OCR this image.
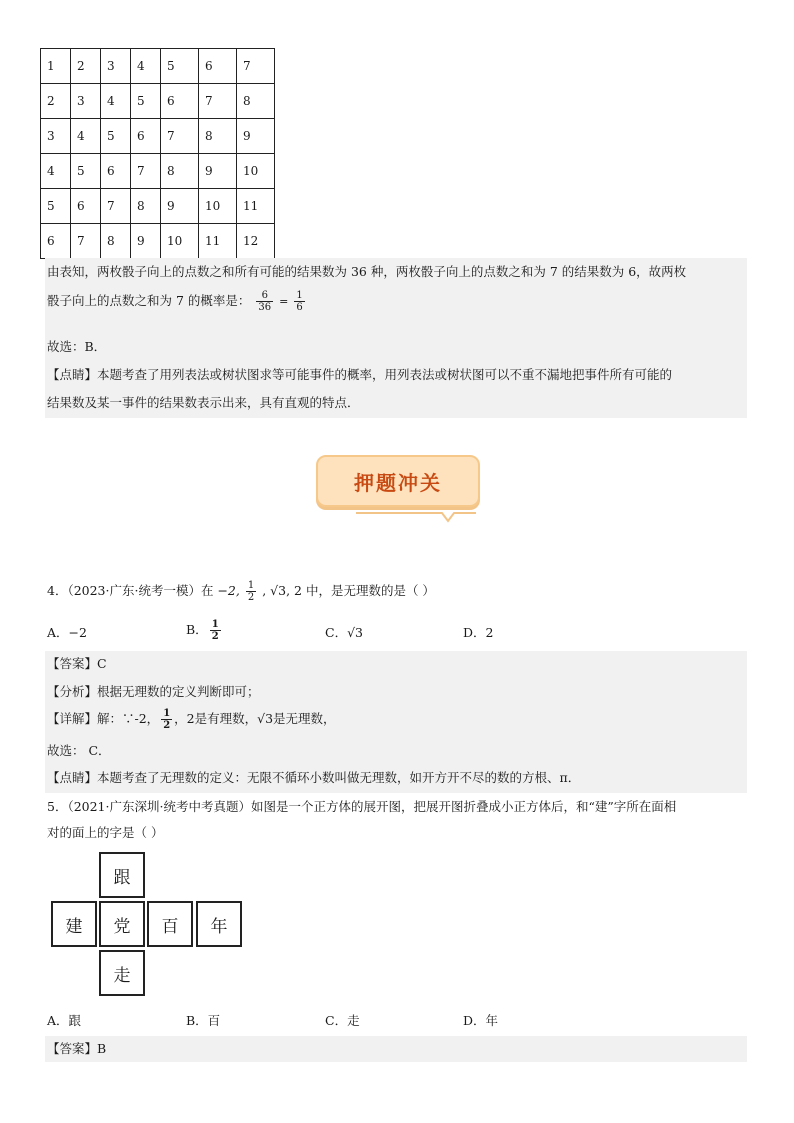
1	2	3	4	5	6	7
2	3	4	5	6	7	8
3	4	5	6	7	8	9
4	5	6	7	8	9	10
5	6	7	8	9	10	11
6	7	8	9	10	11	12
由表知，两枚骰子向上的点数之和所有可能的结果数为 36 种，两枚骰子向上的点数之和为 7 的结果数为 6，故两枚
骰子向上的点数之和为 7 的概率是： $\frac{6}{36} = \frac{1}{6}$
故选：B．
【点睛】本题考查了用列表法或树状图求等可能事件的概率，用列表法或树状图可以不重不漏地把事件所有可能的
结果数及某一事件的结果数表示出来，具有直观的特点．
押题冲关
4．（2023·广东·统考一模）在 −2, $\frac{1}{2}$ , √3, 2 中，是无理数的是（ ）
A．−2	B． $\frac{1}{2}$	C．√3	D．2
【答案】C
【分析】根据无理数的定义判断即可；
【详解】解：∵-2， $\frac{1}{2}$ ，2是有理数，√3是无理数，
故选： C．
【点睛】本题考查了无理数的定义：无限不循环小数叫做无理数，如开方开不尽的数的方根、π．
5．（2021·广东深圳·统考中考真题）如图是一个正方体的展开图，把展开图折叠成小正方体后，和“建”字所在面相
对的面上的字是（ ）
跟
建	党	百	年
走
A．跟	B．百	C．走	D．年
【答案】B
